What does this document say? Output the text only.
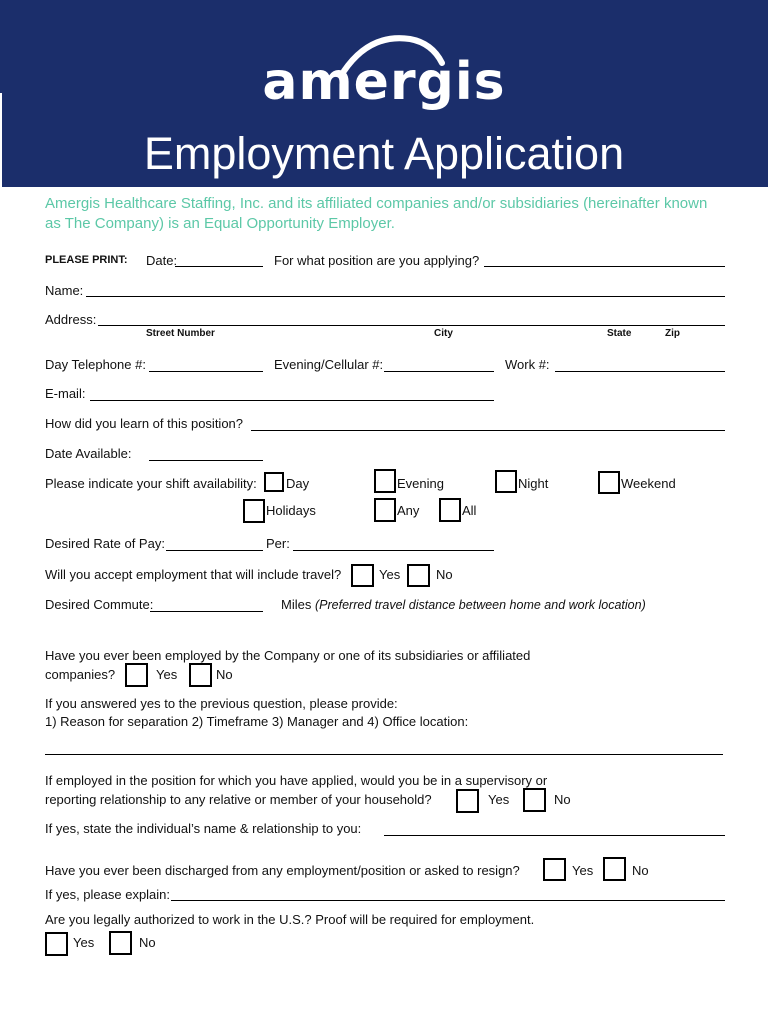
amergis
Employment Application
Amergis Healthcare Staffing, Inc. and its affiliated companies and/or subsidiaries (hereinafter known as The Company) is an Equal Opportunity Employer.
PLEASE PRINT: Date:	For what position are you applying?
Name:
Address:
Street Number	City	State	Zip
Day Telephone #:	Evening/Cellular #:	Work #:
E-mail:
How did you learn of this position?
Date Available:
Please indicate your shift availability: Day	Evening	Night	Weekend
Holidays	Any	All
Desired Rate of Pay:	Per:
Will you accept employment that will include travel?	Yes	No
Desired Commute:	Miles (Preferred travel distance between home and work location)
Have you ever been employed by the Company or one of its subsidiaries or affiliated
companies?	Yes	No
If you answered yes to the previous question, please provide:
1) Reason for separation 2) Timeframe 3) Manager and 4) Office location:
If employed in the position for which you have applied, would you be in a supervisory or
reporting relationship to any relative or member of your household?	Yes	No
If yes, state the individual’s name & relationship to you:
Have you ever been discharged from any employment/position or asked to resign?	Yes	No
If yes, please explain:
Are you legally authorized to work in the U.S.? Proof will be required for employment.
Yes	No
